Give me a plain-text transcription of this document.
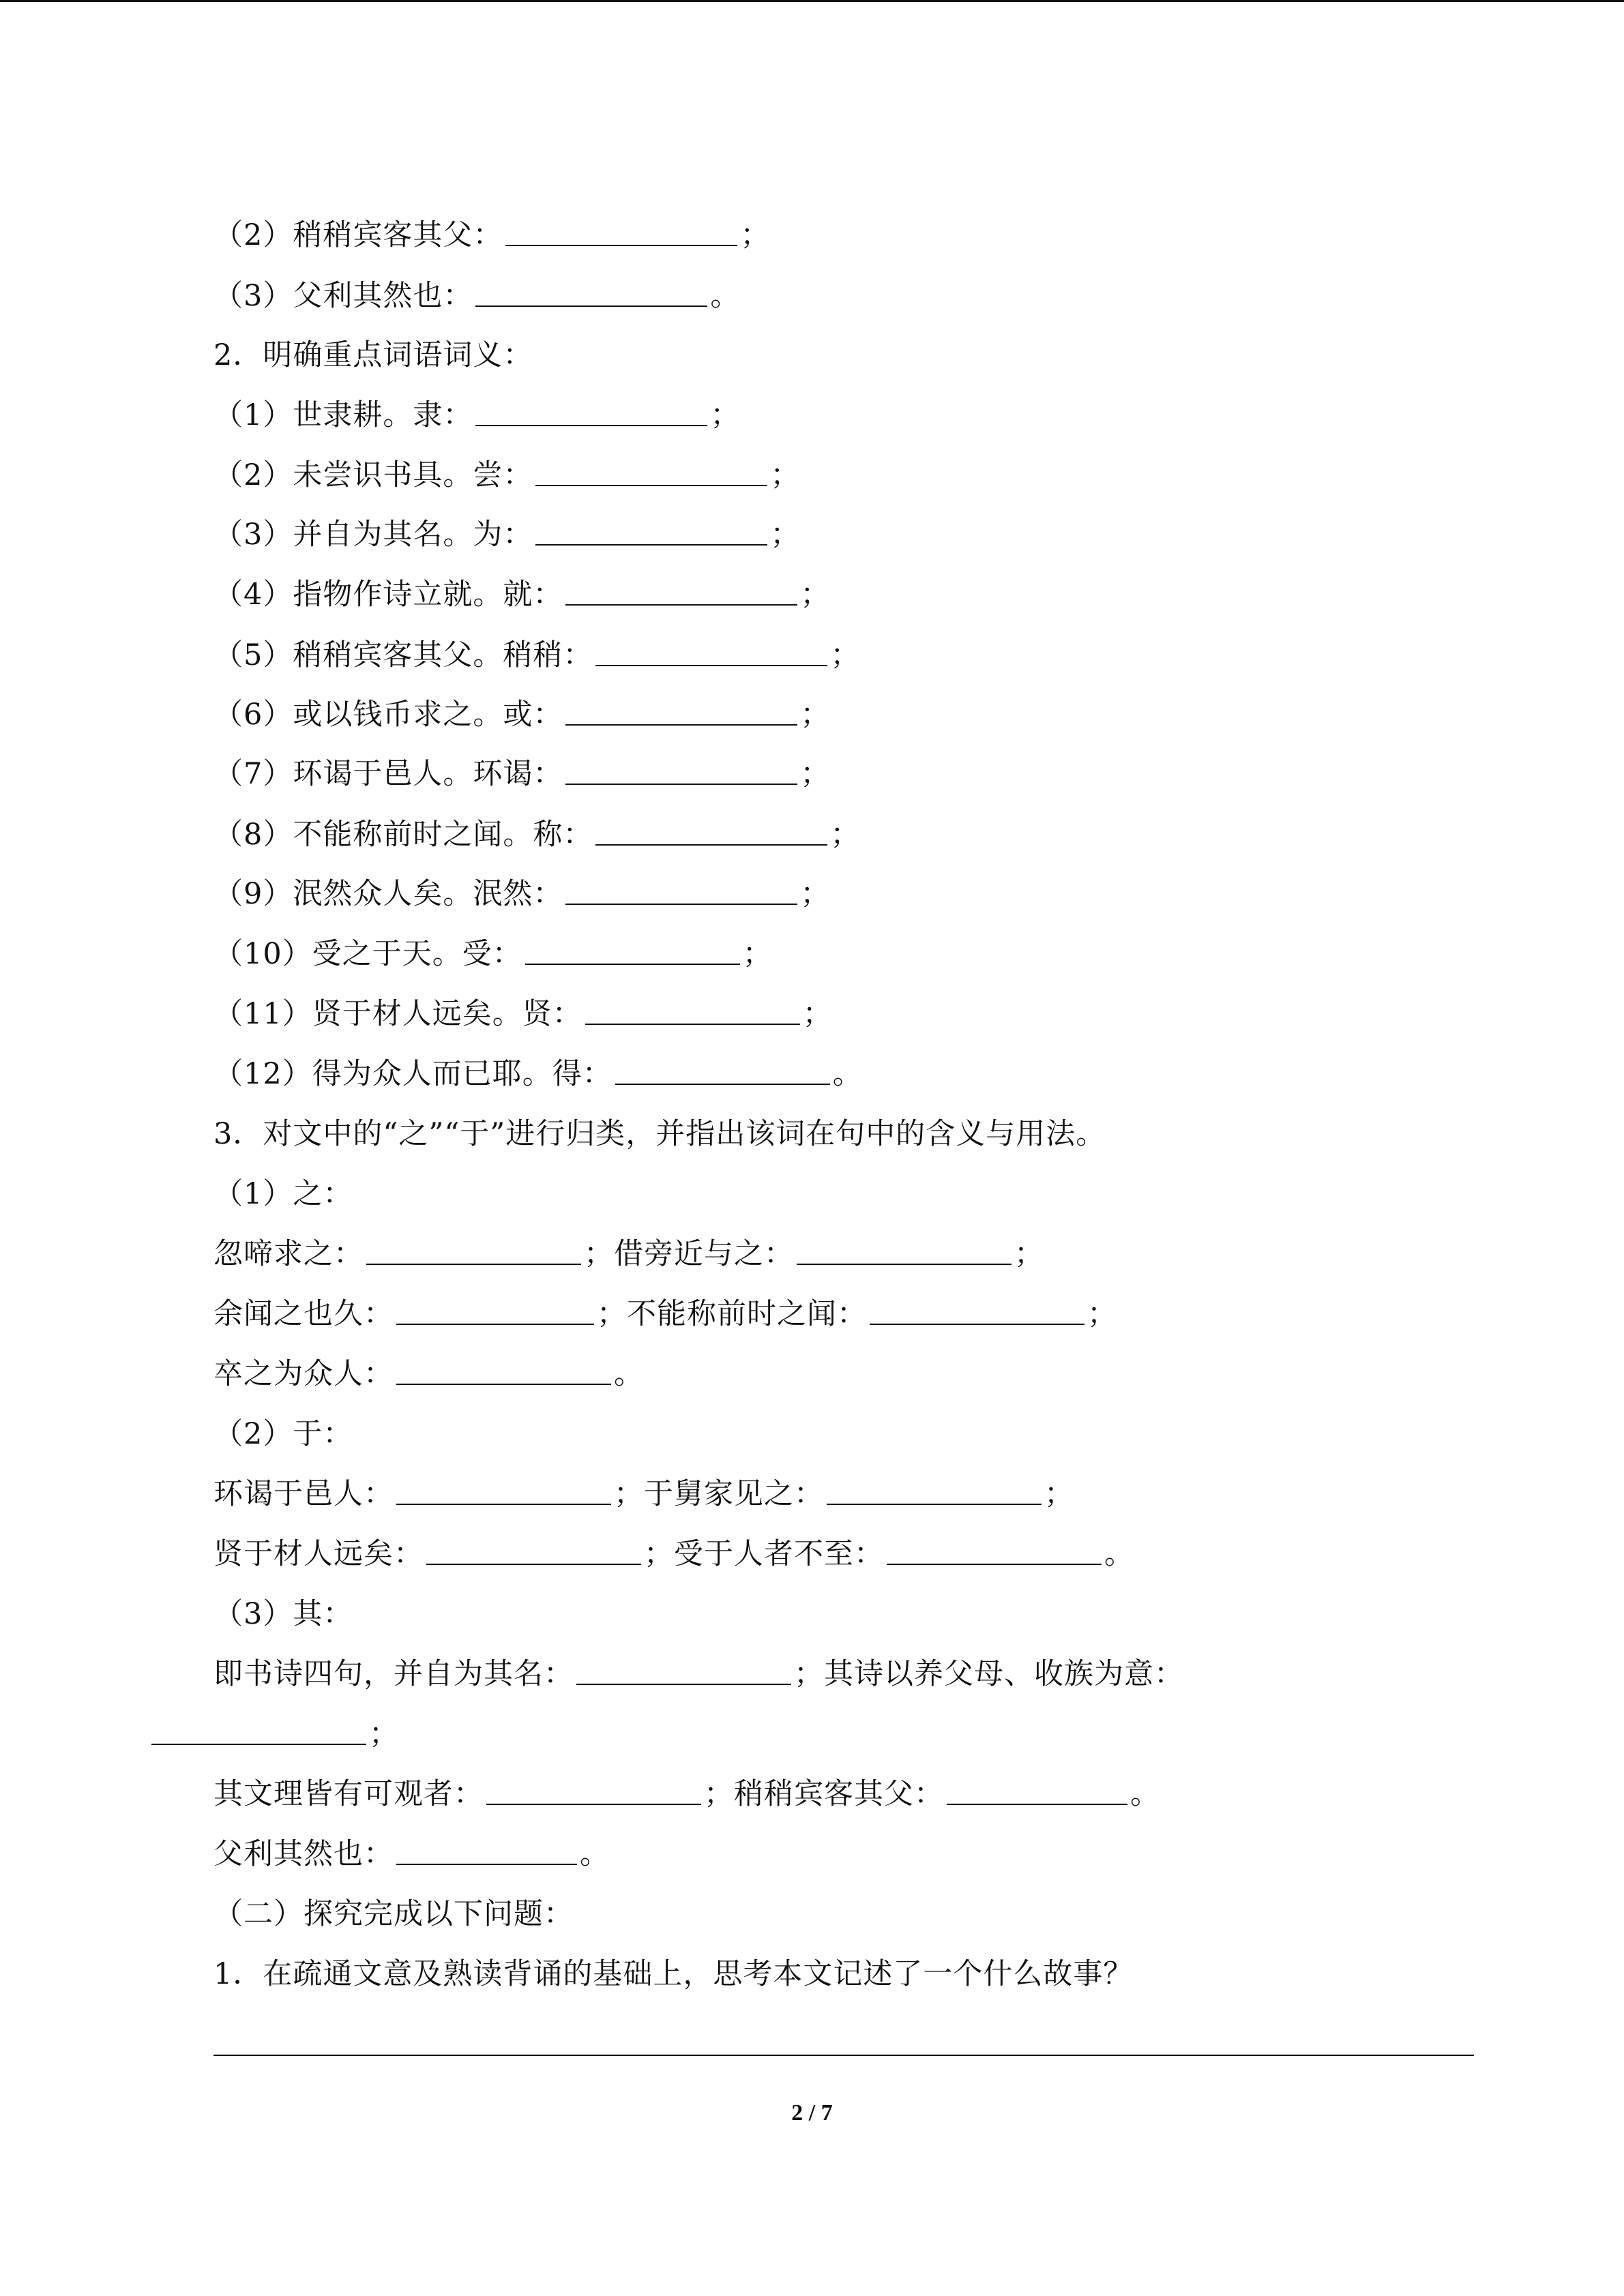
（2）稍稍宾客其父：	；
（3）父利其然也：	。
2．明确重点词语词义：
（1）世隶耕。隶：	；
（2）未尝识书具。尝：	；
（3）并自为其名。为：	；
（4）指物作诗立就。就：	；
（5）稍稍宾客其父。稍稍：	；
（6）或以钱币求之。或：	；
（7）环谒于邑人。环谒：	；
（8）不能称前时之闻。称：	；
（9）泯然众人矣。泯然：	；
（10）受之于天。受：	；
（11）贤于材人远矣。贤：	；
（12）得为众人而已耶。得：	。
3．对文中的“之”“于”进行归类，并指出该词在句中的含义与用法。
（1）之：
忽啼求之：	；借旁近与之：	；
余闻之也久：	；不能称前时之闻：	；
卒之为众人：	。
（2）于：
环谒于邑人：	；于舅家见之：	；
贤于材人远矣：	；受于人者不至：	。
（3）其：
即书诗四句，并自为其名：	；其诗以养父母、收族为意：
；
其文理皆有可观者：	；稍稍宾客其父：	。
父利其然也：	。
（二）探究完成以下问题：
1．在疏通文意及熟读背诵的基础上，思考本文记述了一个什么故事？
2 / 7
